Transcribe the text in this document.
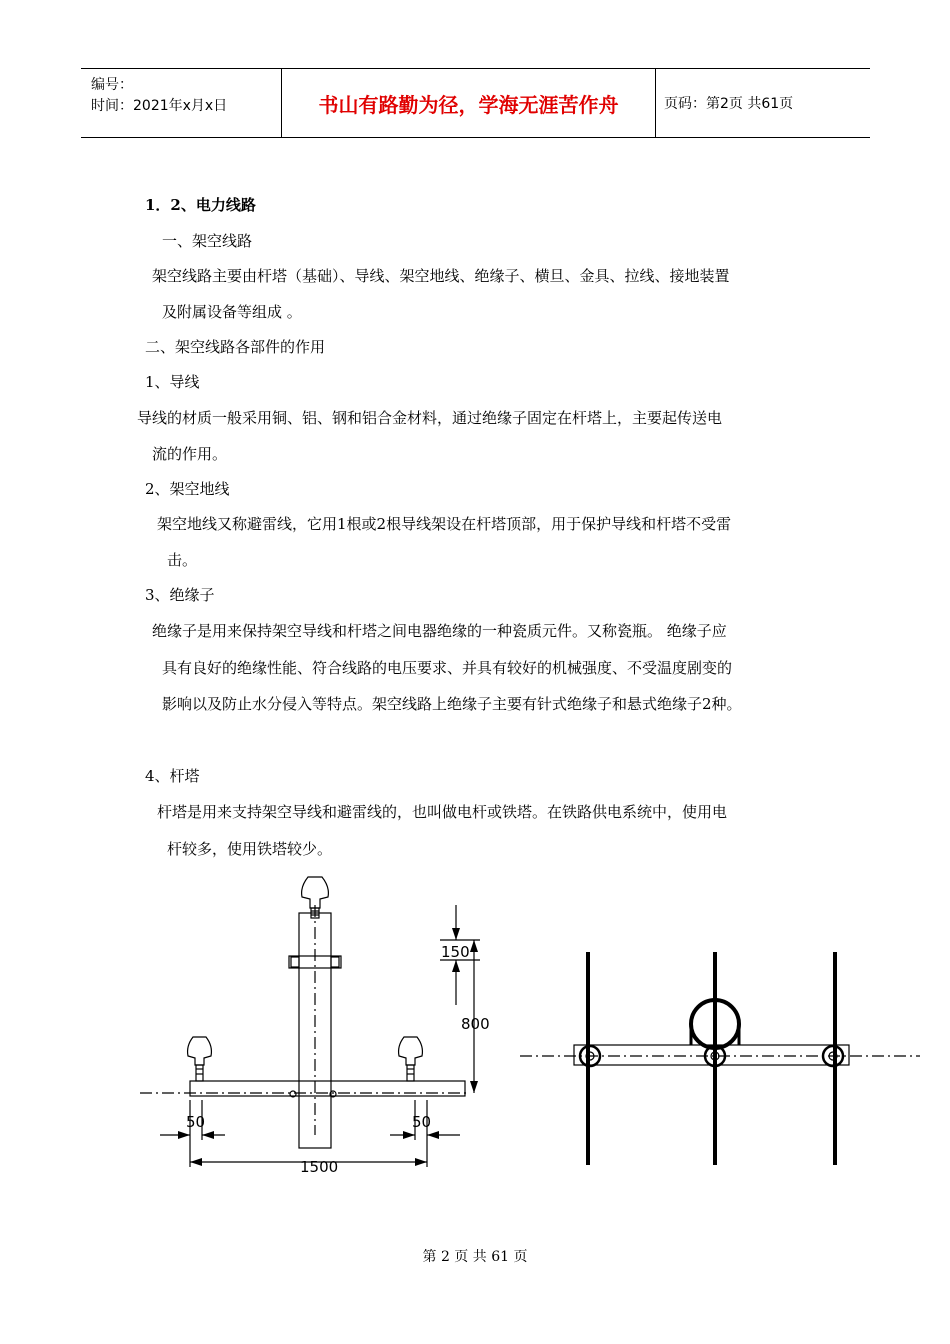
编号：
时间：2021年x月x日	书山有路勤为径，学海无涯苦作舟	页码：第2页 共61页
1．2、电力线路
一、架空线路
架空线路主要由杆塔（基础）、导线、架空地线、绝缘子、横旦、金具、拉线、接地装置
及附属设备等组成 。
二、架空线路各部件的作用
1、导线
导线的材质一般采用铜、铝、钢和铝合金材料，通过绝缘子固定在杆塔上，主要起传送电
流的作用。
2、架空地线
架空地线又称避雷线，它用1根或2根导线架设在杆塔顶部，用于保护导线和杆塔不受雷
击。
3、绝缘子
绝缘子是用来保持架空导线和杆塔之间电器绝缘的一种瓷质元件。又称瓷瓶。 绝缘子应
具有良好的绝缘性能、符合线路的电压要求、并具有较好的机械强度、不受温度剧变的
影响以及防止水分侵入等特点。架空线路上绝缘子主要有针式绝缘子和悬式绝缘子2种。
4、杆塔
杆塔是用来支持架空导线和避雷线的，也叫做电杆或铁塔。在铁路供电系统中，使用电
杆较多，使用铁塔较少。
150
800
50	50
1500
第 2 页 共 61 页
